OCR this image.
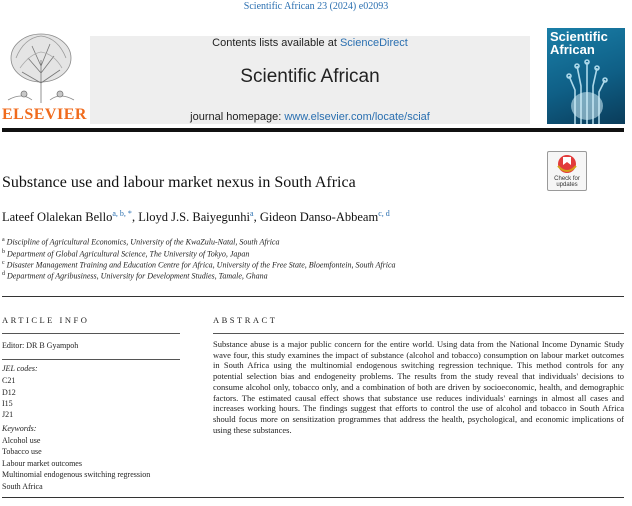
Scientific African 23 (2024) e02093
ELSEVIER
Contents lists available at ScienceDirect
Scientific African
journal homepage: www.elsevier.com/locate/sciaf
Scientific
African
Check for
updates
Substance use and labour market nexus in South Africa
Lateef Olalekan Bello$^{a, b, *}$, Lloyd J.S. Baiyegunhi$^a$, Gideon Danso-Abbeam$^{c, d}$
$^a$ Discipline of Agricultural Economics, University of the KwaZulu-Natal, South Africa
$^b$ Department of Global Agricultural Science, The University of Tokyo, Japan
$^c$ Disaster Management Training and Education Centre for Africa, University of the Free State, Bloemfontein, South Africa
$^d$ Department of Agribusiness, University for Development Studies, Tamale, Ghana
ARTICLE INFO
Editor: DR B Gyampoh
JEL codes:
C21
D12
I15
J21
Keywords:
Alcohol use
Tobacco use
Labour market outcomes
Multinomial endogenous switching regression
South Africa
ABSTRACT
Substance abuse is a major public concern for the entire world. Using data from the National Income Dynamic Study wave four, this study examines the impact of substance (alcohol and tobacco) consumption on labour market outcomes in South Africa using the multinomial endogenous switching regression technique. This method controls for any potential selection bias and endogeneity problems. The results from the study reveal that individuals' decisions to consume alcohol only, tobacco only, and a combination of both are driven by socioeconomic, health, and demographic factors. The estimated causal effect shows that substance use reduces individuals' earnings in almost all cases and increases working hours. The findings suggest that efforts to control the use of alcohol and tobacco in South Africa should focus more on sensitization programmes that address the health, psychological, and economic implications of using these substances.
